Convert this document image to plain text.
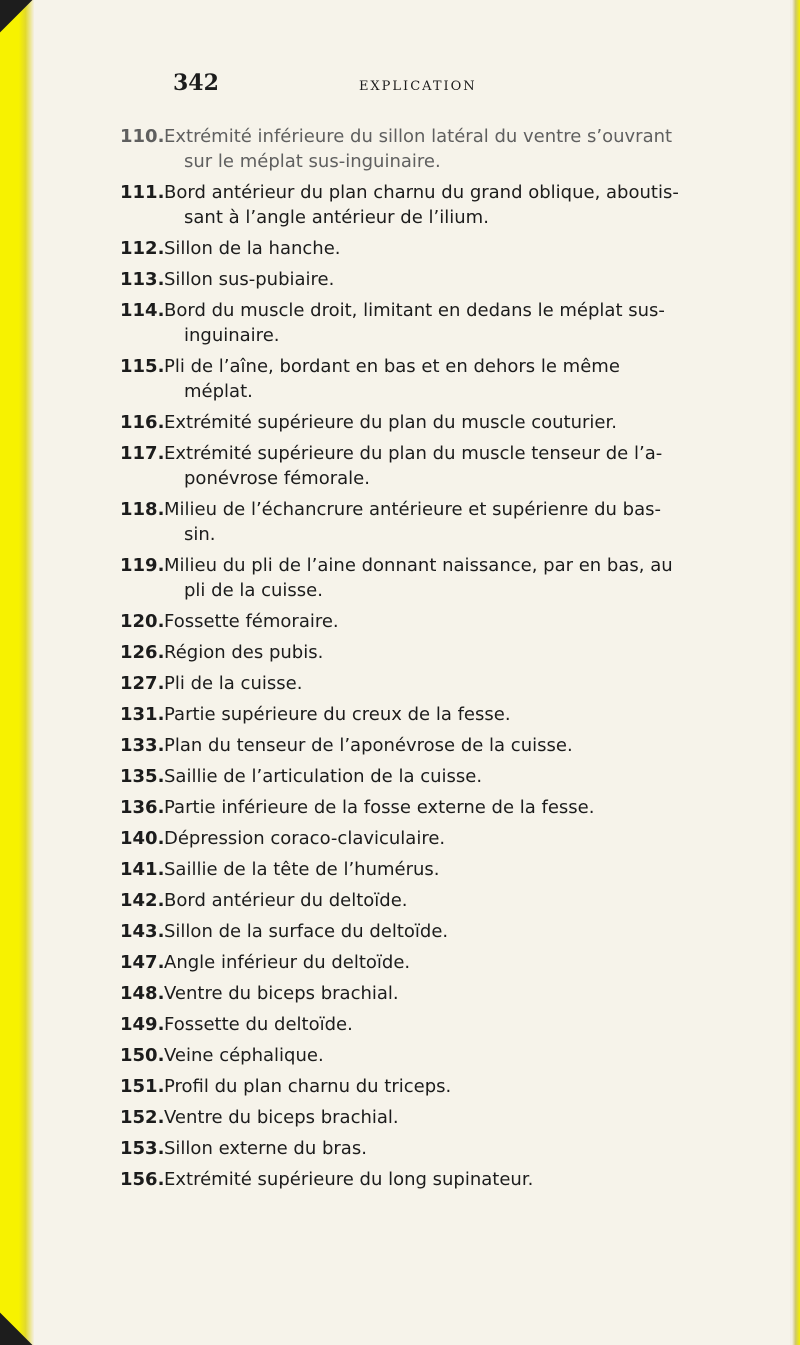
342	EXPLICATION
110. Extrémité inférieure du sillon latéral du ventre s’ouvrant
sur le méplat sus-inguinaire.
111. Bord antérieur du plan charnu du grand oblique, aboutis-
sant à l’angle antérieur de l’ilium.
112. Sillon de la hanche.
113. Sillon sus-pubiaire.
114. Bord du muscle droit, limitant en dedans le méplat sus-
inguinaire.
115. Pli de l’aîne, bordant en bas et en dehors le même
méplat.
116. Extrémité supérieure du plan du muscle couturier.
117. Extrémité supérieure du plan du muscle tenseur de l’a-
ponévrose fémorale.
118. Milieu de l’échancrure antérieure et supérienre du bas-
sin.
119. Milieu du pli de l’aine donnant naissance, par en bas, au
pli de la cuisse.
120. Fossette fémoraire.
126. Région des pubis.
127. Pli de la cuisse.
131. Partie supérieure du creux de la fesse.
133. Plan du tenseur de l’aponévrose de la cuisse.
135. Saillie de l’articulation de la cuisse.
136. Partie inférieure de la fosse externe de la fesse.
140. Dépression coraco-claviculaire.
141. Saillie de la tête de l’humérus.
142. Bord antérieur du deltoïde.
143. Sillon de la surface du deltoïde.
147. Angle inférieur du deltoïde.
148. Ventre du biceps brachial.
149. Fossette du deltoïde.
150. Veine céphalique.
151. Profil du plan charnu du triceps.
152. Ventre du biceps brachial.
153. Sillon externe du bras.
156. Extrémité supérieure du long supinateur.
